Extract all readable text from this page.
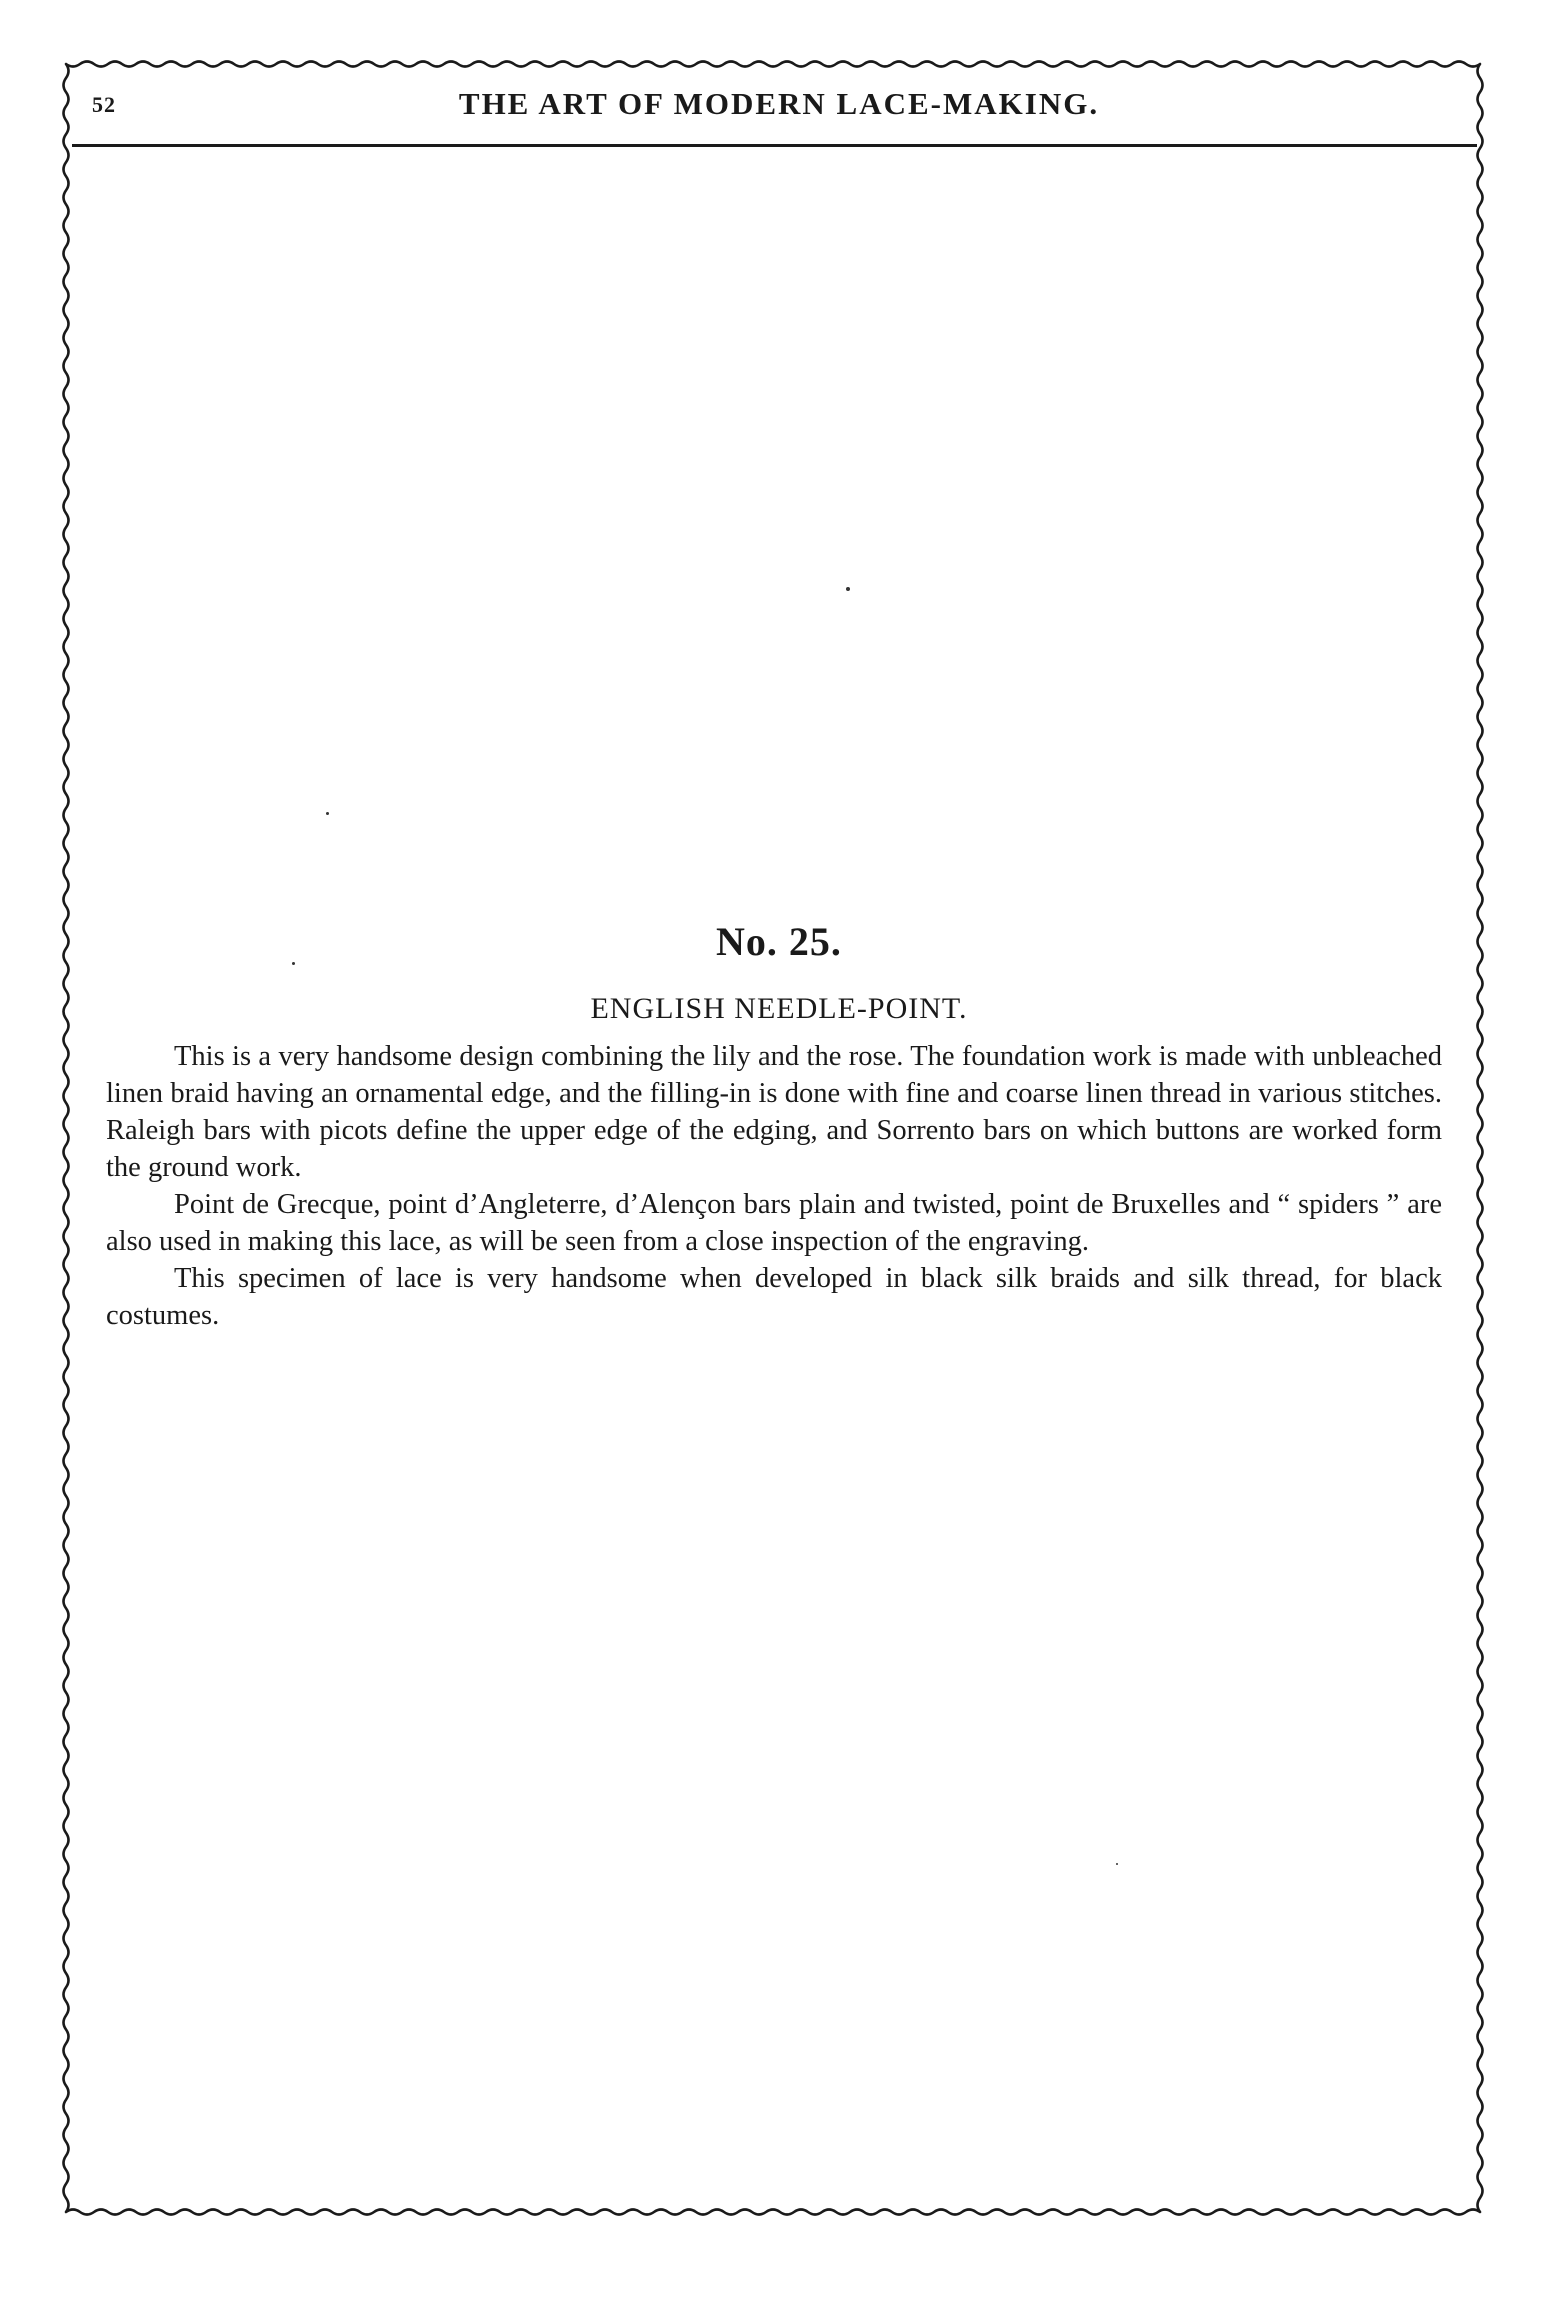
52	THE ART OF MODERN LACE-MAKING.
No. 25.
ENGLISH NEEDLE-POINT.

This is a very handsome design combining the lily and the rose. The foundation work is made with unbleached linen braid having an ornamental edge, and the filling-in is done with fine and coarse linen thread in various stitches. Raleigh bars with picots define the upper edge of the edging, and Sorrento bars on which buttons are worked form the ground work.

Point de Grecque, point d’Angleterre, d’Alençon bars plain and twisted, point de Bruxelles and “ spiders ” are also used in making this lace, as will be seen from a close inspection of the engraving.

This specimen of lace is very handsome when developed in black silk braids and silk thread, for black costumes.
